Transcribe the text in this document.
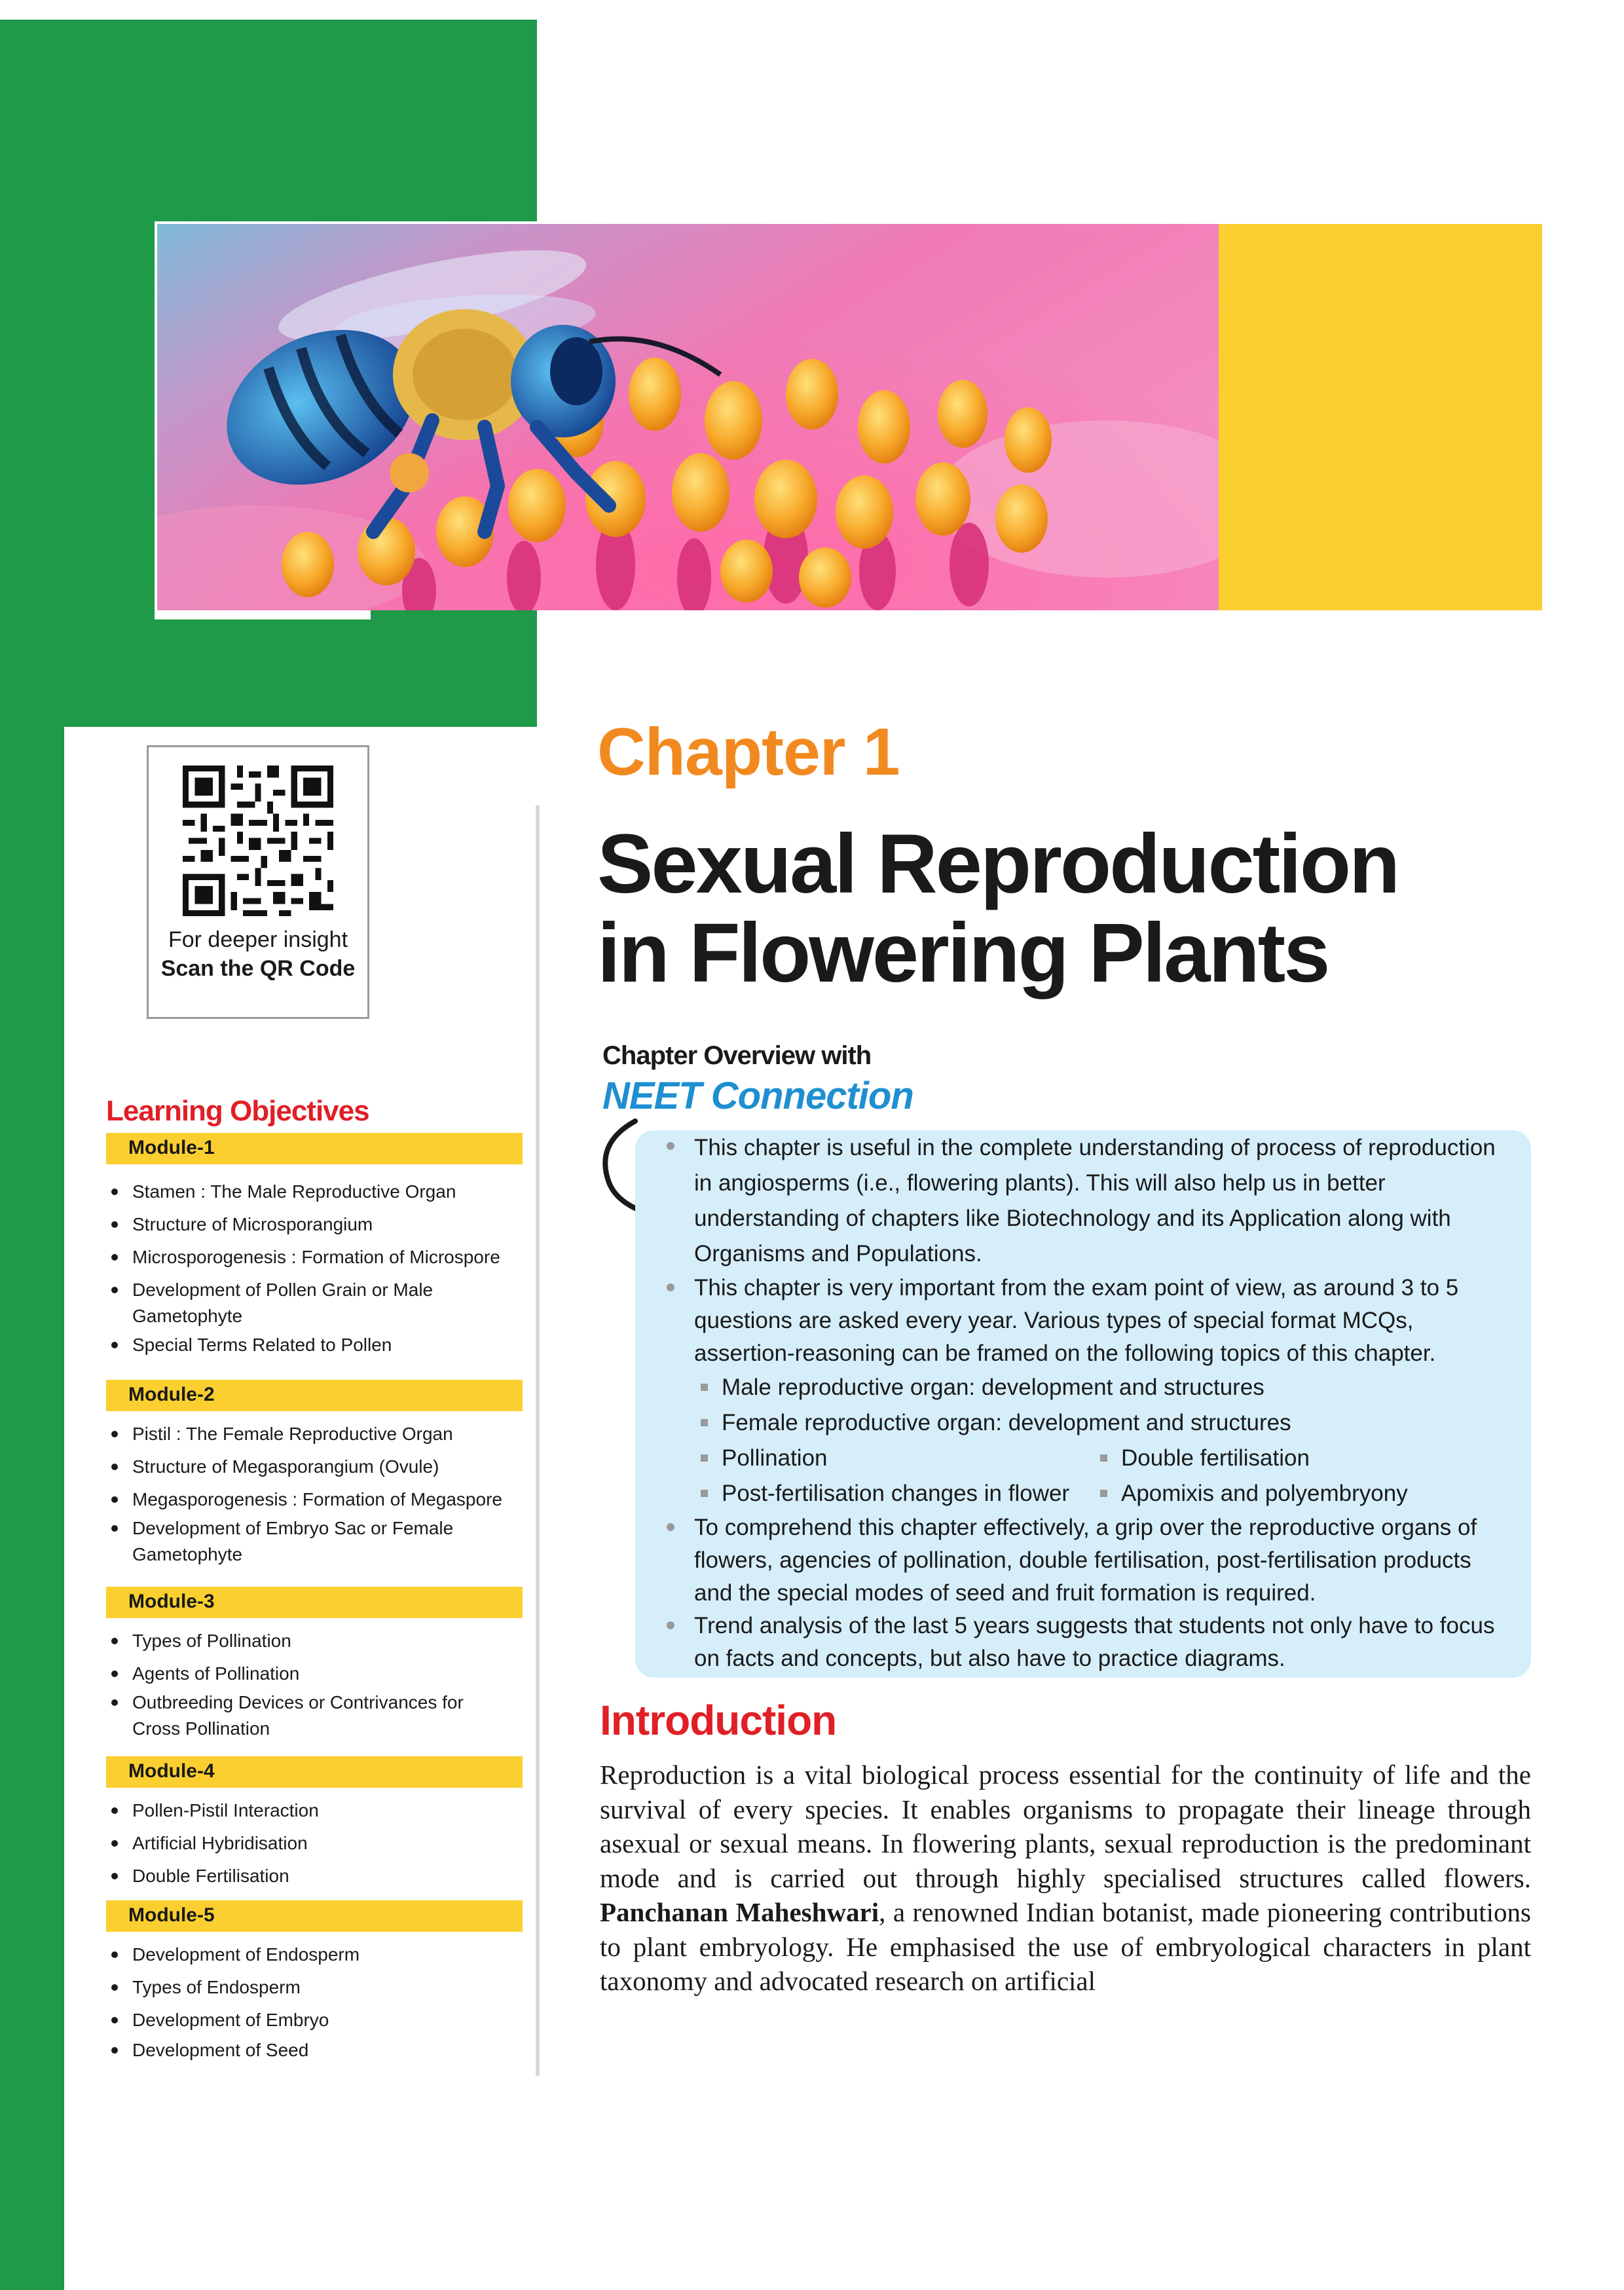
For deeper insight Scan the QR Code
Learning Objectives
Module-1
Stamen : The Male Reproductive Organ
Structure of Microsporangium
Microsporogenesis : Formation of Microspore
Development of Pollen Grain or Male Gametophyte
Special Terms Related to Pollen
Module-2
Pistil : The Female Reproductive Organ
Structure of Megasporangium (Ovule)
Megasporogenesis : Formation of Megaspore
Development of Embryo Sac or Female Gametophyte
Module-3
Types of Pollination
Agents of Pollination
Outbreeding Devices or Contrivances for Cross Pollination
Module-4
Pollen-Pistil Interaction
Artificial Hybridisation
Double Fertilisation
Module-5
Development of Endosperm
Types of Endosperm
Development of Embryo
Development of Seed
Chapter 1
Sexual Reproduction
in Flowering Plants
Chapter Overview with
NEET Connection

This chapter is useful in the complete understanding of process of reproduction in angiosperms (i.e., flowering plants). This will also help us in better understanding of chapters like Biotechnology and its Application along with Organisms and Populations.

This chapter is very important from the exam point of view, as around 3 to 5 questions are asked every year. Various types of special format MCQs, assertion-reasoning can be framed on the following topics of this chapter.

Male reproductive organ: development and structures
Female reproductive organ: development and structures
Pollination	Double fertilisation
Post-fertilisation changes in flower	Apomixis and polyembryony

To comprehend this chapter effectively, a grip over the reproductive organs of flowers, agencies of pollination, double fertilisation, post-fertilisation products and the special modes of seed and fruit formation is required.

Trend analysis of the last 5 years suggests that students not only have to focus on facts and concepts, but also have to practice diagrams.

Introduction
Reproduction is a vital biological process essential for the continuity of life and the survival of every species. It enables organisms to propagate their lineage through asexual or sexual means. In flowering plants, sexual reproduction is the predominant mode and is carried out through highly specialised structures called flowers. Panchanan Maheshwari, a renowned Indian botanist, made pioneering contributions to plant embryology. He emphasised the use of embryological characters in plant taxonomy and advocated research on artificial
